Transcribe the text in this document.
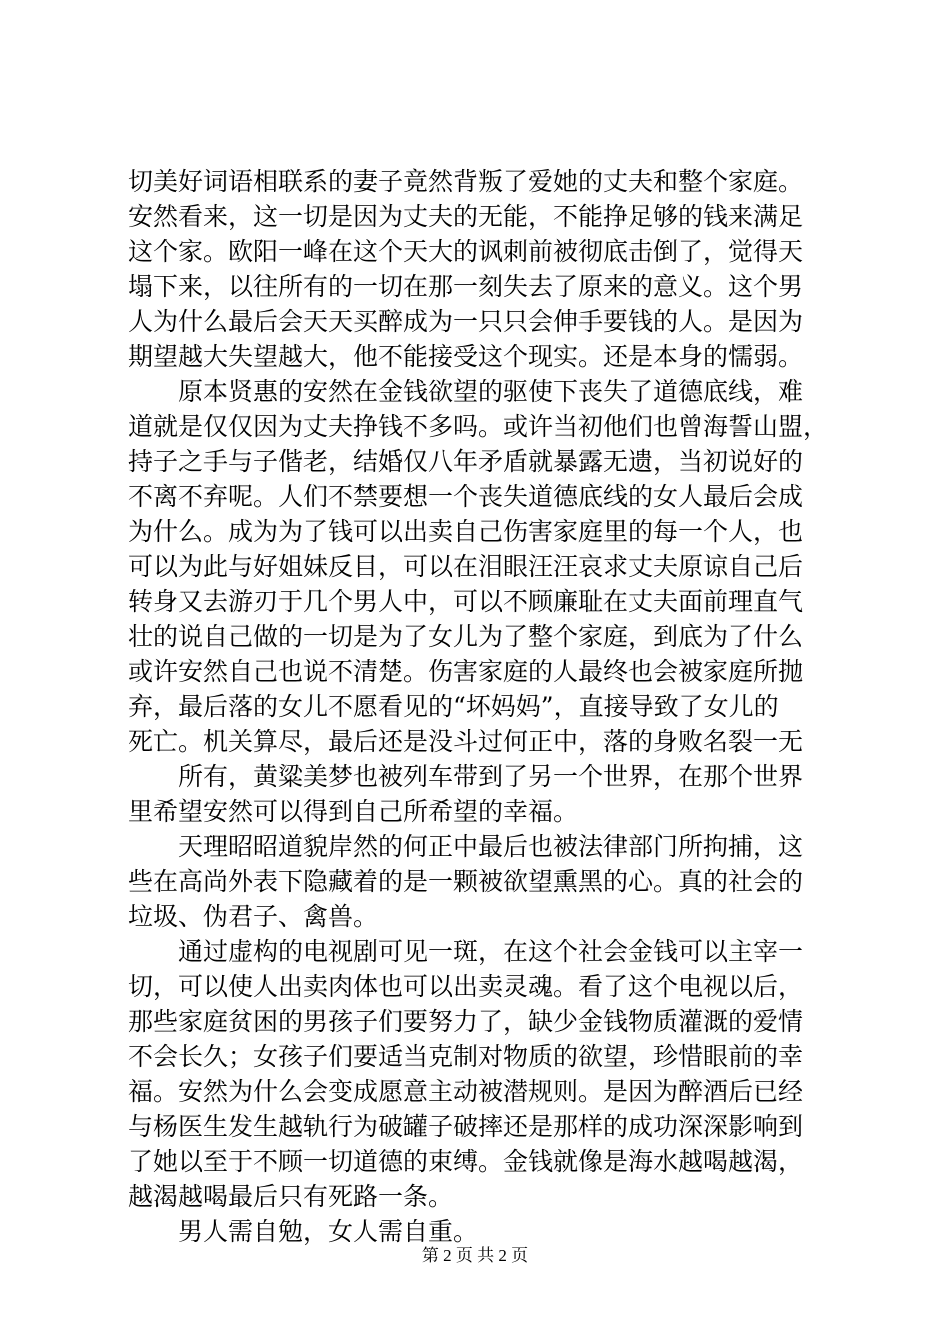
切美好词语相联系的妻子竟然背叛了爱她的丈夫和整个家庭。
安然看来，这一切是因为丈夫的无能，不能挣足够的钱来满足
这个家。欧阳一峰在这个天大的讽刺前被彻底击倒了，觉得天
塌下来，以往所有的一切在那一刻失去了原来的意义。这个男
人为什么最后会天天买醉成为一只只会伸手要钱的人。是因为
期望越大失望越大，他不能接受这个现实。还是本身的懦弱。
　　原本贤惠的安然在金钱欲望的驱使下丧失了道德底线，难
道就是仅仅因为丈夫挣钱不多吗。或许当初他们也曾海誓山盟，
持子之手与子偕老，结婚仅八年矛盾就暴露无遗，当初说好的
不离不弃呢。人们不禁要想一个丧失道德底线的女人最后会成
为什么。成为为了钱可以出卖自己伤害家庭里的每一个人，也
可以为此与好姐妹反目，可以在泪眼汪汪哀求丈夫原谅自己后
转身又去游刃于几个男人中，可以不顾廉耻在丈夫面前理直气
壮的说自己做的一切是为了女儿为了整个家庭，到底为了什么
或许安然自己也说不清楚。伤害家庭的人最终也会被家庭所抛
弃，最后落的女儿不愿看见的“坏妈妈”，直接导致了女儿的
死亡。机关算尽，最后还是没斗过何正中，落的身败名裂一无
　　所有，黄粱美梦也被列车带到了另一个世界，在那个世界
里希望安然可以得到自己所希望的幸福。
　　天理昭昭道貌岸然的何正中最后也被法律部门所拘捕，这
些在高尚外表下隐藏着的是一颗被欲望熏黑的心。真的社会的
垃圾、伪君子、禽兽。
　　通过虚构的电视剧可见一斑，在这个社会金钱可以主宰一
切，可以使人出卖肉体也可以出卖灵魂。看了这个电视以后，
那些家庭贫困的男孩子们要努力了，缺少金钱物质灌溉的爱情
不会长久；女孩子们要适当克制对物质的欲望，珍惜眼前的幸
福。安然为什么会变成愿意主动被潜规则。是因为醉酒后已经
与杨医生发生越轨行为破罐子破摔还是那样的成功深深影响到
了她以至于不顾一切道德的束缚。金钱就像是海水越喝越渴，
越渴越喝最后只有死路一条。
　　男人需自勉，女人需自重。
第 2 页 共 2 页
